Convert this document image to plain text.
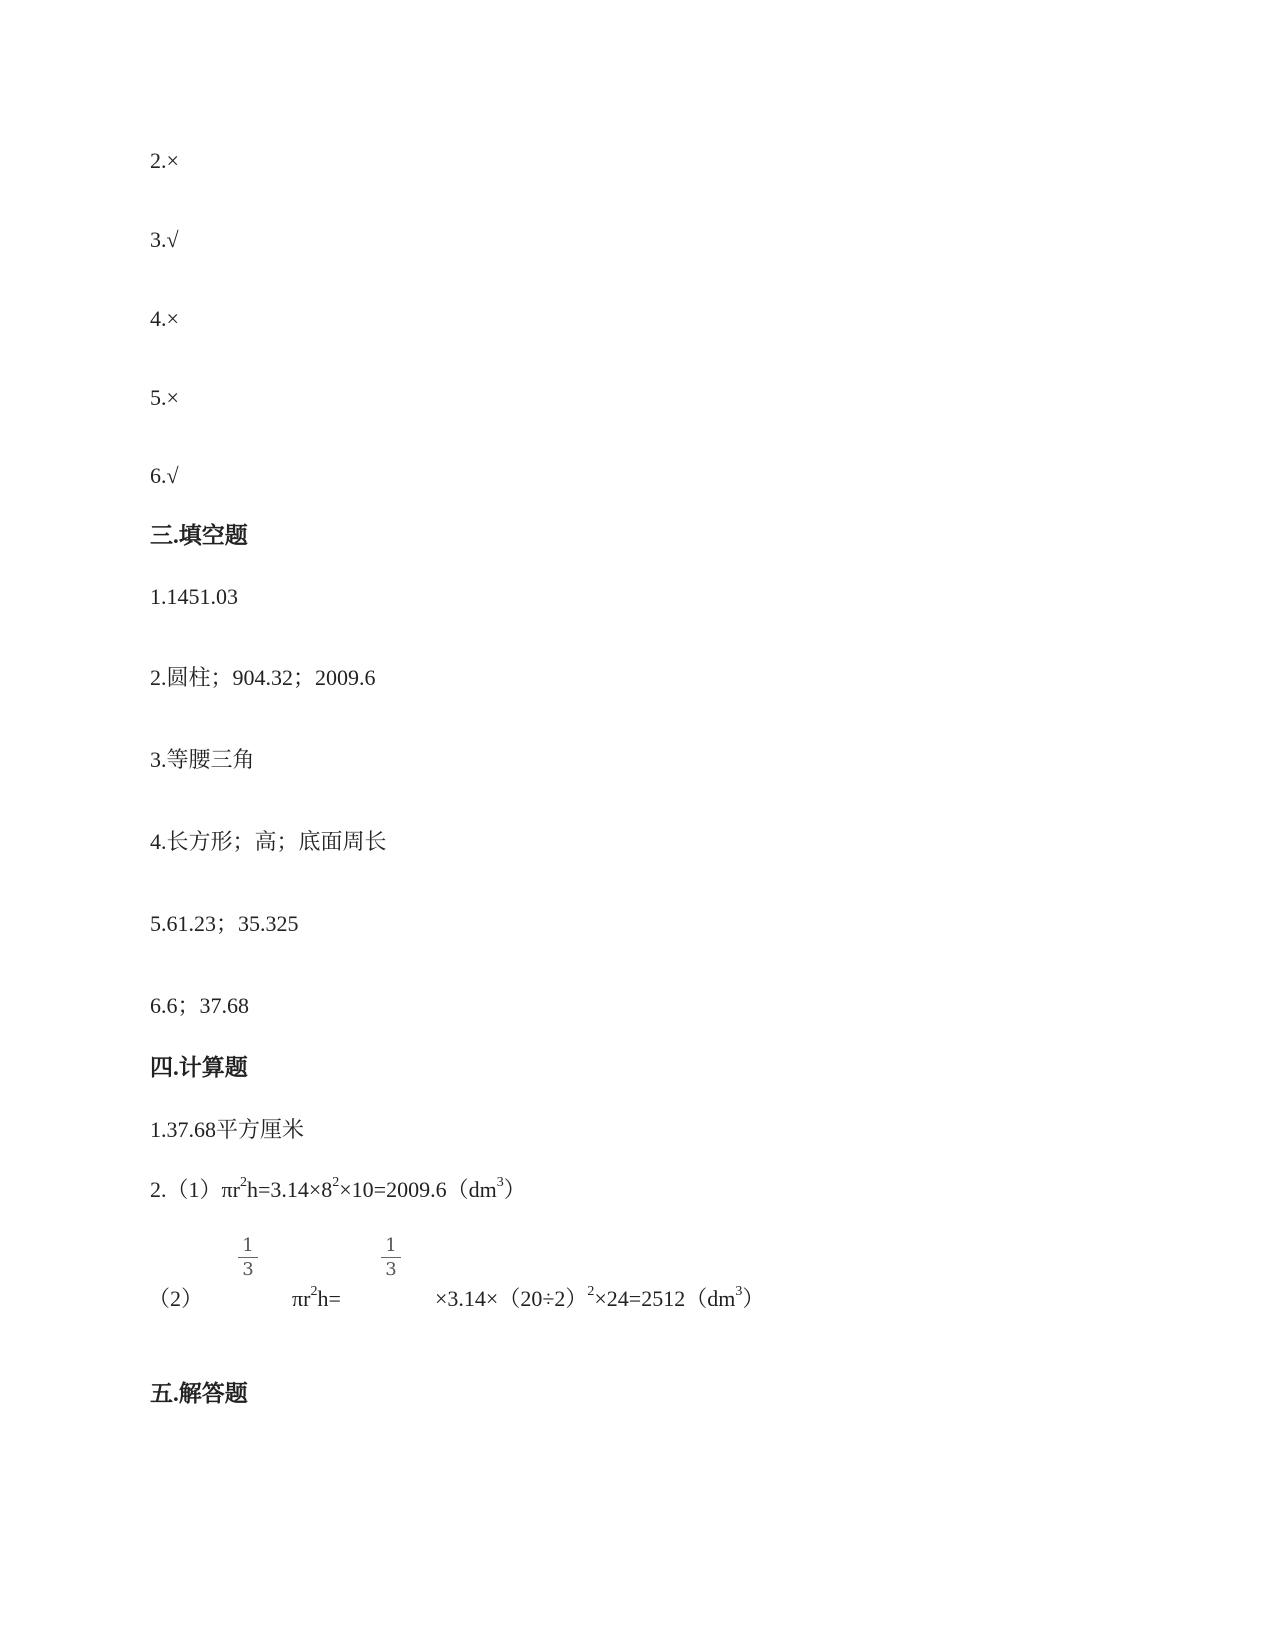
2.×
3.√
4.×
5.×
6.√
三.填空题
1.1451.03
2.圆柱；904.32；2009.6
3.等腰三角
4.长方形；高；底面周长
5.61.23；35.325
6.6；37.68
四.计算题
1.37.68平方厘米
$2.(1)\pi r^2h=3.14\times 8^2\times 10=2009.6(dm^3)$
（2）
1
3
$\pi r^2h=$
1
3
$\times 3.14\times(20\div 2)^2\times 24=2512(dm^3)$
五.解答题
